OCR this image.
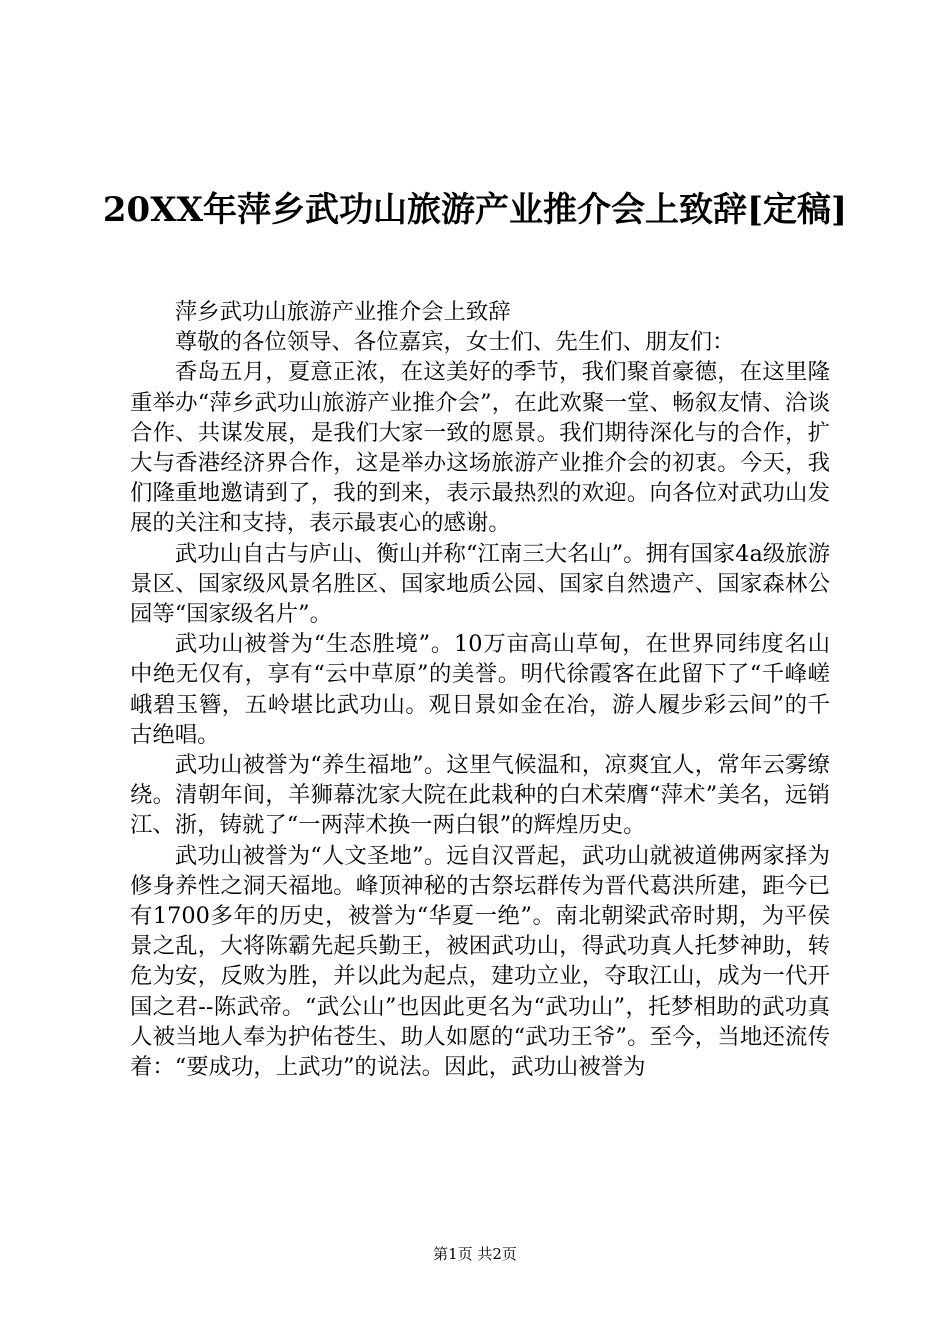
20XX年萍乡武功山旅游产业推介会上致辞[定稿]

萍乡武功山旅游产业推介会上致辞

尊敬的各位领导、各位嘉宾，女士们、先生们、朋友们：

香岛五月，夏意正浓，在这美好的季节，我们聚首豪德，在这里隆重举办“萍乡武功山旅游产业推介会”，在此欢聚一堂、畅叙友情、洽谈合作、共谋发展，是我们大家一致的愿景。我们期待深化与的合作，扩大与香港经济界合作，这是举办这场旅游产业推介会的初衷。今天，我们隆重地邀请到了，我的到来，表示最热烈的欢迎。向各位对武功山发展的关注和支持，表示最衷心的感谢。

武功山自古与庐山、衡山并称“江南三大名山”。拥有国家4a级旅游景区、国家级风景名胜区、国家地质公园、国家自然遗产、国家森林公园等“国家级名片”。

武功山被誉为“生态胜境”。10万亩高山草甸，在世界同纬度名山中绝无仅有，享有“云中草原”的美誉。明代徐霞客在此留下了“千峰嵯峨碧玉簪，五岭堪比武功山。观日景如金在冶，游人履步彩云间”的千古绝唱。

武功山被誉为“养生福地”。这里气候温和，凉爽宜人，常年云雾缭绕。清朝年间，羊狮幕沈家大院在此栽种的白术荣膺“萍术”美名，远销江、浙，铸就了“一两萍术换一两白银”的辉煌历史。

武功山被誉为“人文圣地”。远自汉晋起，武功山就被道佛两家择为修身养性之洞天福地。峰顶神秘的古祭坛群传为晋代葛洪所建，距今已有1700多年的历史，被誉为“华夏一绝”。南北朝梁武帝时期，为平侯景之乱，大将陈霸先起兵勤王，被困武功山，得武功真人托梦神助，转危为安，反败为胜，并以此为起点，建功立业，夺取江山，成为一代开国之君--陈武帝。“武公山”也因此更名为“武功山”，托梦相助的武功真人被当地人奉为护佑苍生、助人如愿的“武功王爷”。至今，当地还流传着：“要成功，上武功”的说法。因此，武功山被誉为

第1页 共2页
